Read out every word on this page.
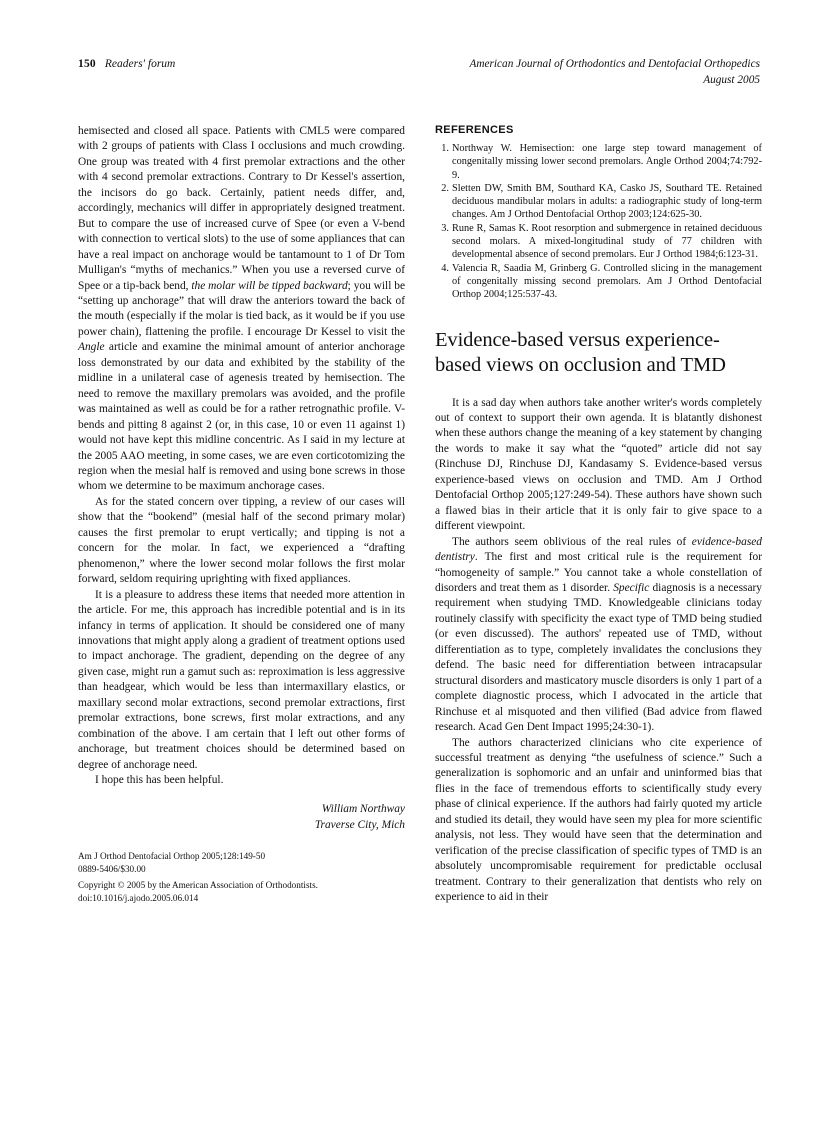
150 Readers' forum	American Journal of Orthodontics and Dentofacial Orthopedics
August 2005

hemisected and closed all space. Patients with CML5 were compared with 2 groups of patients with Class I occlusions and much crowding. One group was treated with 4 first premolar extractions and the other with 4 second premolar extractions. Contrary to Dr Kessel's assertion, the incisors do go back. Certainly, patient needs differ, and, accordingly, mechanics will differ in appropriately designed treatment. But to compare the use of increased curve of Spee (or even a V-bend with connection to vertical slots) to the use of some appliances that can have a real impact on anchorage would be tantamount to 1 of Dr Tom Mulligan's “myths of mechanics.” When you use a reversed curve of Spee or a tip-back bend, the molar will be tipped backward; you will be “setting up anchorage” that will draw the anteriors toward the back of the mouth (especially if the molar is tied back, as it would be if you use power chain), flattening the profile. I encourage Dr Kessel to visit the Angle article and examine the minimal amount of anterior anchorage loss demonstrated by our data and exhibited by the stability of the midline in a unilateral case of agenesis treated by hemisection. The need to remove the maxillary premolars was avoided, and the profile was maintained as well as could be for a rather retrognathic profile. V-bends and pitting 8 against 2 (or, in this case, 10 or even 11 against 1) would not have kept this midline concentric. As I said in my lecture at the 2005 AAO meeting, in some cases, we are even corticotomizing the region when the mesial half is removed and using bone screws in those whom we determine to be maximum anchorage cases.

As for the stated concern over tipping, a review of our cases will show that the “bookend” (mesial half of the second primary molar) causes the first premolar to erupt vertically; and tipping is not a concern for the molar. In fact, we experienced a “drafting phenomenon,” where the lower second molar follows the first molar forward, seldom requiring uprighting with fixed appliances.

It is a pleasure to address these items that needed more attention in the article. For me, this approach has incredible potential and is in its infancy in terms of application. It should be considered one of many innovations that might apply along a gradient of treatment options used to impact anchorage. The gradient, depending on the degree of any given case, might run a gamut such as: reproximation is less aggressive than headgear, which would be less than intermaxillary elastics, or maxillary second molar extractions, second premolar extractions, first premolar extractions, bone screws, first molar extractions, and any combination of the above. I am certain that I left out other forms of anchorage, but treatment choices should be determined based on degree of anchorage need.

I hope this has been helpful.

William Northway
Traverse City, Mich
Am J Orthod Dentofacial Orthop 2005;128:149-50
0889-5406/$30.00
Copyright © 2005 by the American Association of Orthodontists.
doi:10.1016/j.ajodo.2005.06.014
REFERENCES
Northway W. Hemisection: one large step toward management of congenitally missing lower second premolars. Angle Orthod 2004;74:792-9.
Sletten DW, Smith BM, Southard KA, Casko JS, Southard TE. Retained deciduous mandibular molars in adults: a radiographic study of long-term changes. Am J Orthod Dentofacial Orthop 2003;124:625-30.
Rune R, Samas K. Root resorption and submergence in retained deciduous second molars. A mixed-longitudinal study of 77 children with developmental absence of second premolars. Eur J Orthod 1984;6:123-31.
Valencia R, Saadia M, Grinberg G. Controlled slicing in the management of congenitally missing second premolars. Am J Orthod Dentofacial Orthop 2004;125:537-43.
Evidence-based versus experience-based views on occlusion and TMD

It is a sad day when authors take another writer's words completely out of context to support their own agenda. It is blatantly dishonest when these authors change the meaning of a key statement by changing the words to make it say what the “quoted” article did not say (Rinchuse DJ, Rinchuse DJ, Kandasamy S. Evidence-based versus experience-based views on occlusion and TMD. Am J Orthod Dentofacial Orthop 2005;127:249-54). These authors have shown such a flawed bias in their article that it is only fair to give space to a different viewpoint.

The authors seem oblivious of the real rules of evidence-based dentistry. The first and most critical rule is the requirement for “homogeneity of sample.” You cannot take a whole constellation of disorders and treat them as 1 disorder. Specific diagnosis is a necessary requirement when studying TMD. Knowledgeable clinicians today routinely classify with specificity the exact type of TMD being studied (or even discussed). The authors' repeated use of TMD, without differentiation as to type, completely invalidates the conclusions they defend. The basic need for differentiation between intracapsular structural disorders and masticatory muscle disorders is only 1 part of a complete diagnostic process, which I advocated in the article that Rinchuse et al misquoted and then vilified (Bad advice from flawed research. Acad Gen Dent Impact 1995;24:30-1).

The authors characterized clinicians who cite experience of successful treatment as denying “the usefulness of science.” Such a generalization is sophomoric and an unfair and uninformed bias that flies in the face of tremendous efforts to scientifically study every phase of clinical experience. If the authors had fairly quoted my article and studied its detail, they would have seen my plea for more scientific analysis, not less. They would have seen that the determination and verification of the precise classification of specific types of TMD is an absolutely uncompromisable requirement for predictable occlusal treatment. Contrary to their generalization that dentists who rely on experience to aid in their
